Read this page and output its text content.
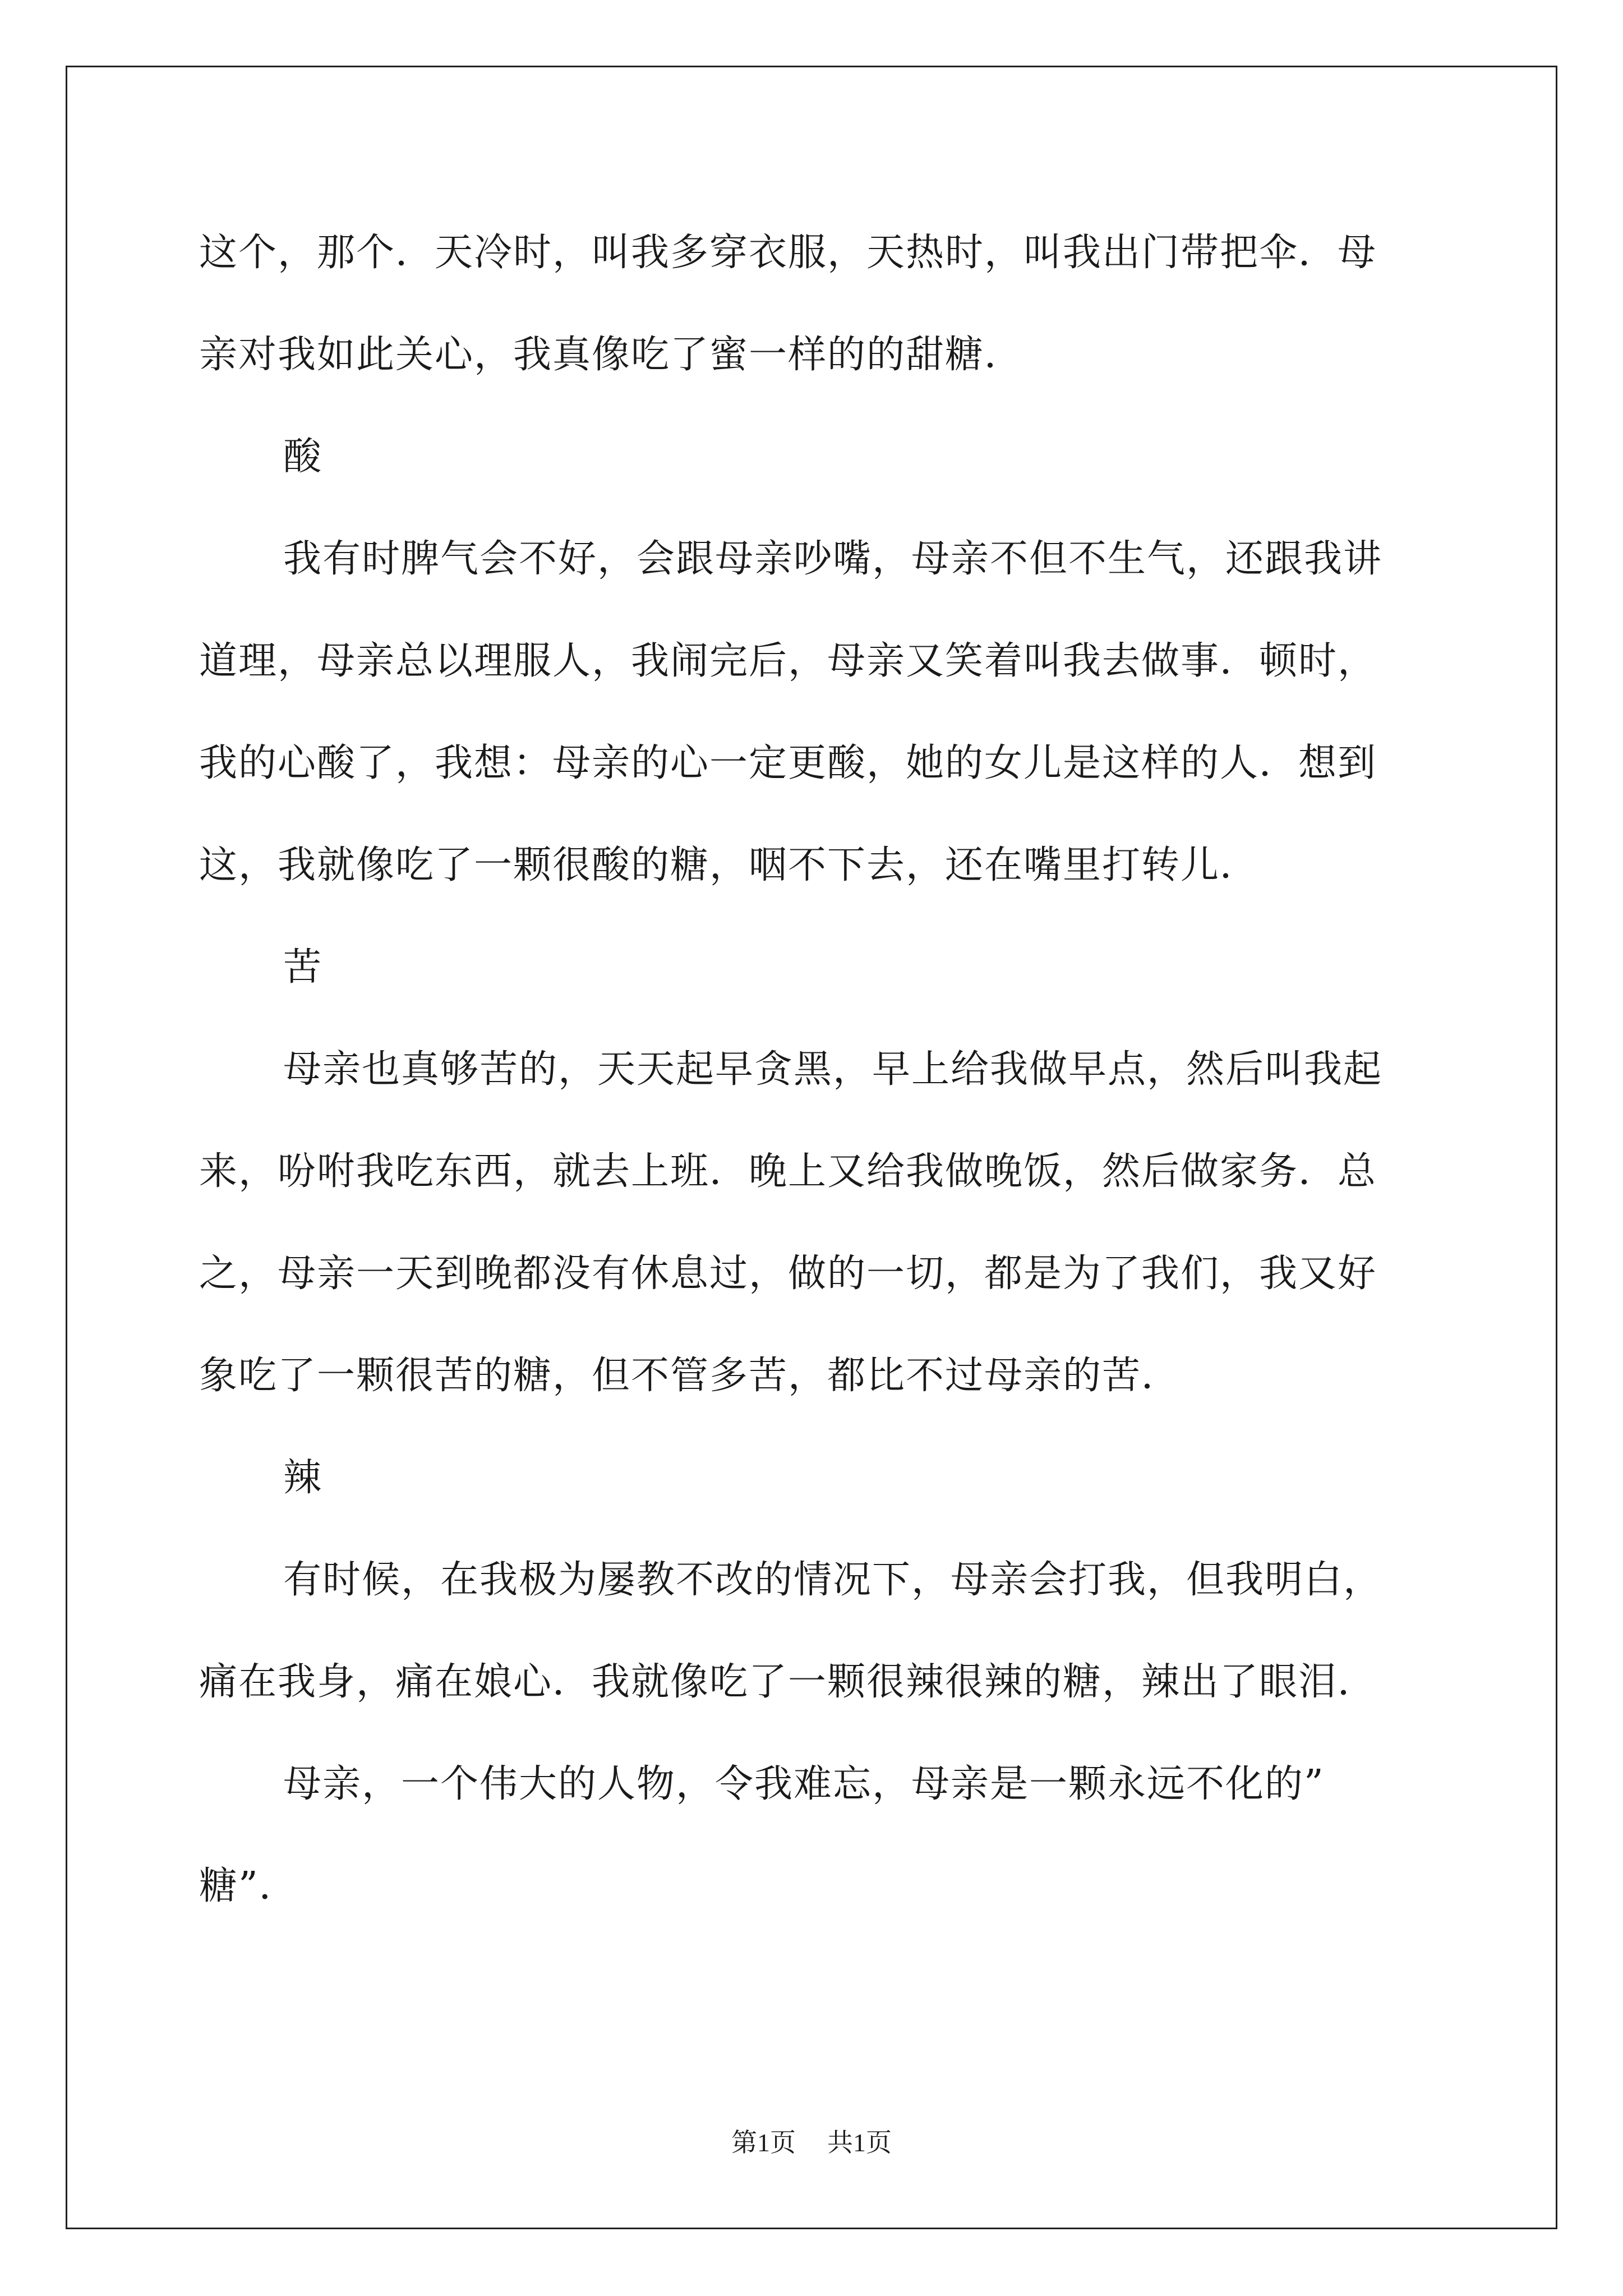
这个，那个．天冷时，叫我多穿衣服，天热时，叫我出门带把伞．母
亲对我如此关心，我真像吃了蜜一样的的甜糖．
酸
我有时脾气会不好，会跟母亲吵嘴，母亲不但不生气，还跟我讲
道理，母亲总以理服人，我闹完后，母亲又笑着叫我去做事．顿时，
我的心酸了，我想：母亲的心一定更酸，她的女儿是这样的人．想到
这，我就像吃了一颗很酸的糖，咽不下去，还在嘴里打转儿．
苦
母亲也真够苦的，天天起早贪黑，早上给我做早点，然后叫我起
来，吩咐我吃东西，就去上班．晚上又给我做晚饭，然后做家务．总
之，母亲一天到晚都没有休息过，做的一切，都是为了我们，我又好
象吃了一颗很苦的糖，但不管多苦，都比不过母亲的苦．
辣
有时候，在我极为屡教不改的情况下，母亲会打我，但我明白，
痛在我身，痛在娘心．我就像吃了一颗很辣很辣的糖，辣出了眼泪．
母亲，一个伟大的人物，令我难忘，母亲是一颗永远不化的”
糖”．
第1页 共1页
